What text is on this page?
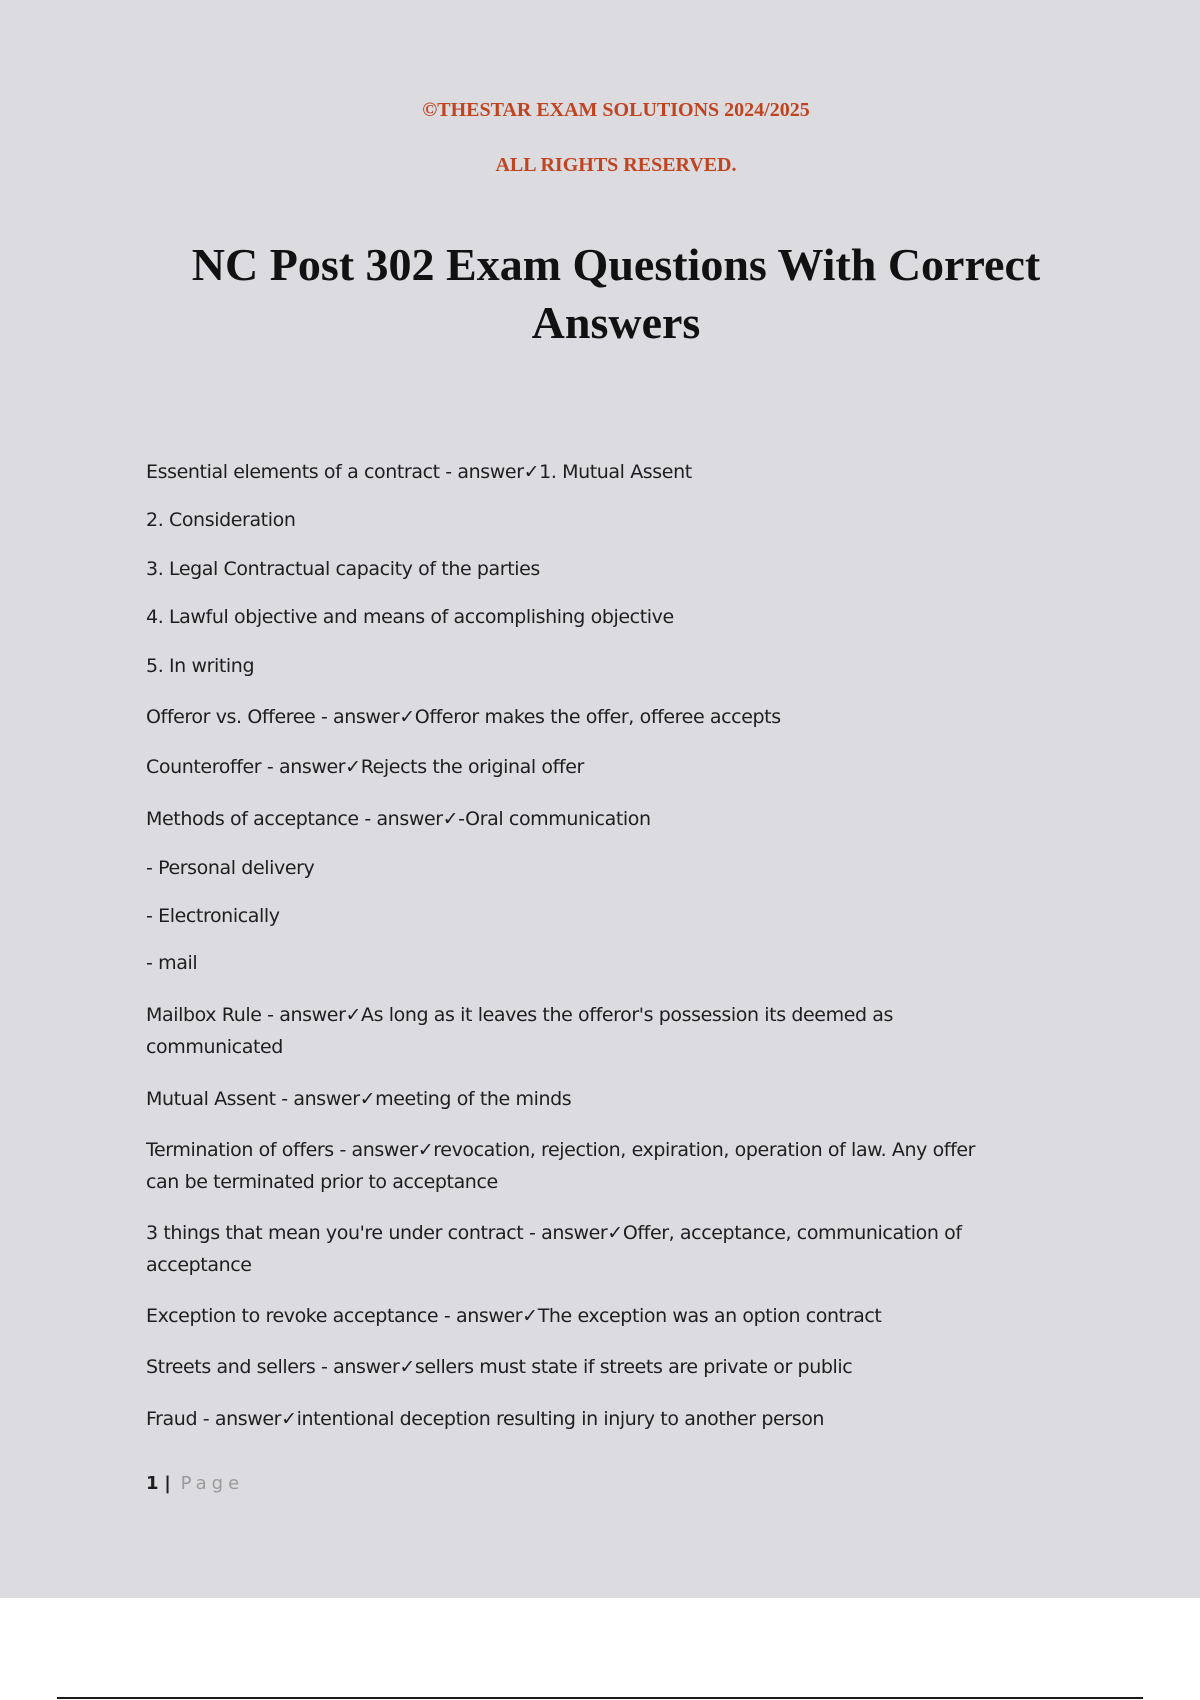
©THESTAR EXAM SOLUTIONS 2024/2025
ALL RIGHTS RESERVED.
NC Post 302 Exam Questions With Correct Answers
Essential elements of a contract - answer✓1. Mutual Assent
2. Consideration
3. Legal Contractual capacity of the parties
4. Lawful objective and means of accomplishing objective
5. In writing
Offeror vs. Offeree - answer✓Offeror makes the offer, offeree accepts
Counteroffer - answer✓Rejects the original offer
Methods of acceptance - answer✓-Oral communication
- Personal delivery
- Electronically
- mail
Mailbox Rule - answer✓As long as it leaves the offeror's possession its deemed as
communicated
Mutual Assent - answer✓meeting of the minds
Termination of offers - answer✓revocation, rejection, expiration, operation of law. Any offer
can be terminated prior to acceptance
3 things that mean you're under contract - answer✓Offer, acceptance, communication of
acceptance
Exception to revoke acceptance - answer✓The exception was an option contract
Streets and sellers - answer✓sellers must state if streets are private or public
Fraud - answer✓intentional deception resulting in injury to another person
1 | Page
